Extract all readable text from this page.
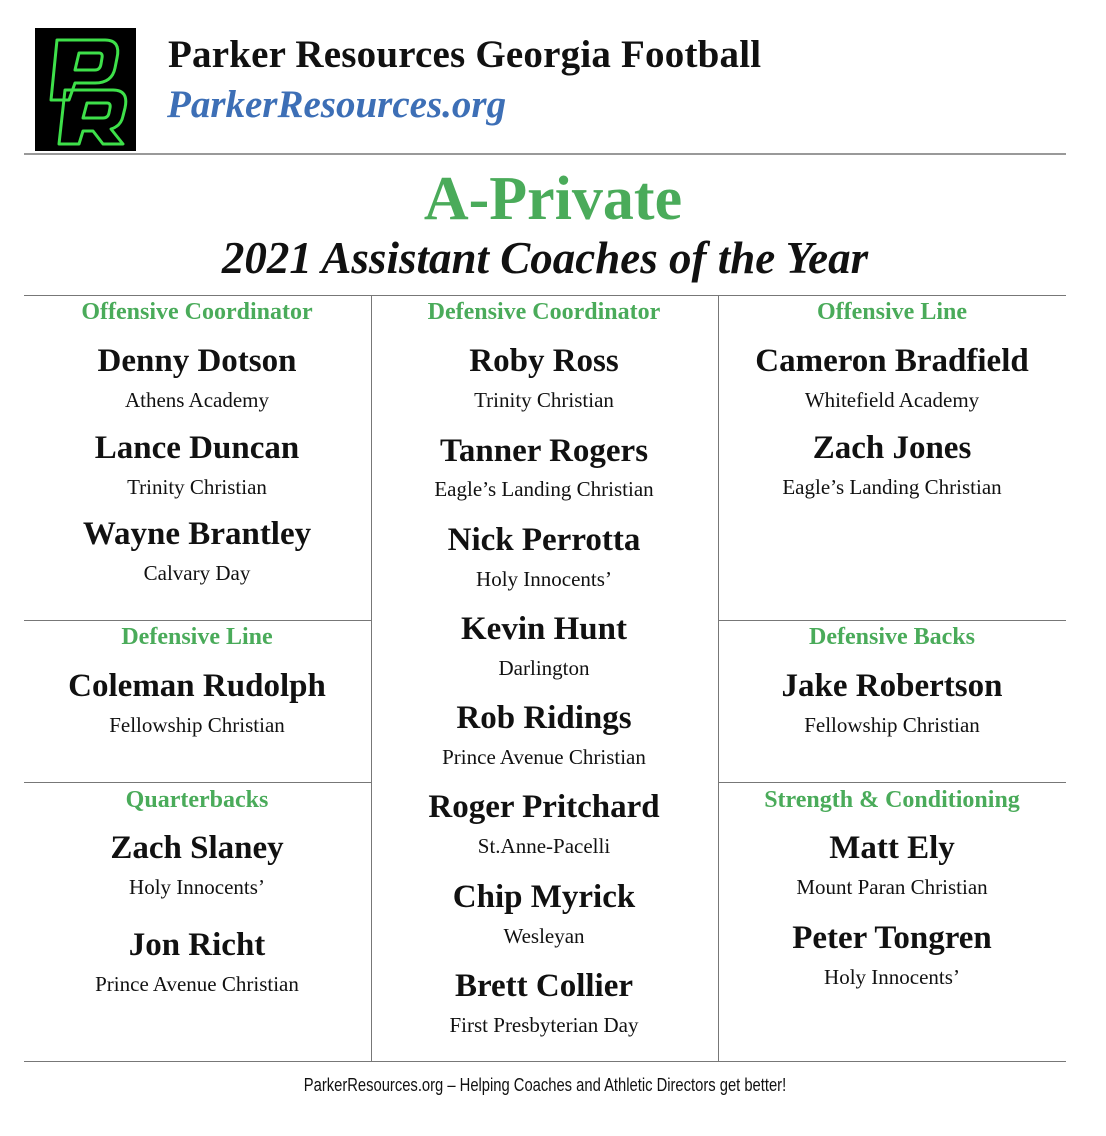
Parker Resources Georgia Football
ParkerResources.org
A-Private
2021 Assistant Coaches of the Year
Offensive Coordinator
Denny Dotson
Athens Academy
Lance Duncan
Trinity Christian
Wayne Brantley
Calvary Day
Defensive Line
Coleman Rudolph
Fellowship Christian
Quarterbacks
Zach Slaney
Holy Innocents’
Jon Richt
Prince Avenue Christian
Defensive Coordinator
Roby Ross
Trinity Christian
Tanner Rogers
Eagle’s Landing Christian
Nick Perrotta
Holy Innocents’
Kevin Hunt
Darlington
Rob Ridings
Prince Avenue Christian
Roger Pritchard
St.Anne-Pacelli
Chip Myrick
Wesleyan
Brett Collier
First Presbyterian Day
Offensive Line
Cameron Bradfield
Whitefield Academy
Zach Jones
Eagle’s Landing Christian
Defensive Backs
Jake Robertson
Fellowship Christian
Strength & Conditioning
Matt Ely
Mount Paran Christian
Peter Tongren
Holy Innocents’
ParkerResources.org – Helping Coaches and Athletic Directors get better!
